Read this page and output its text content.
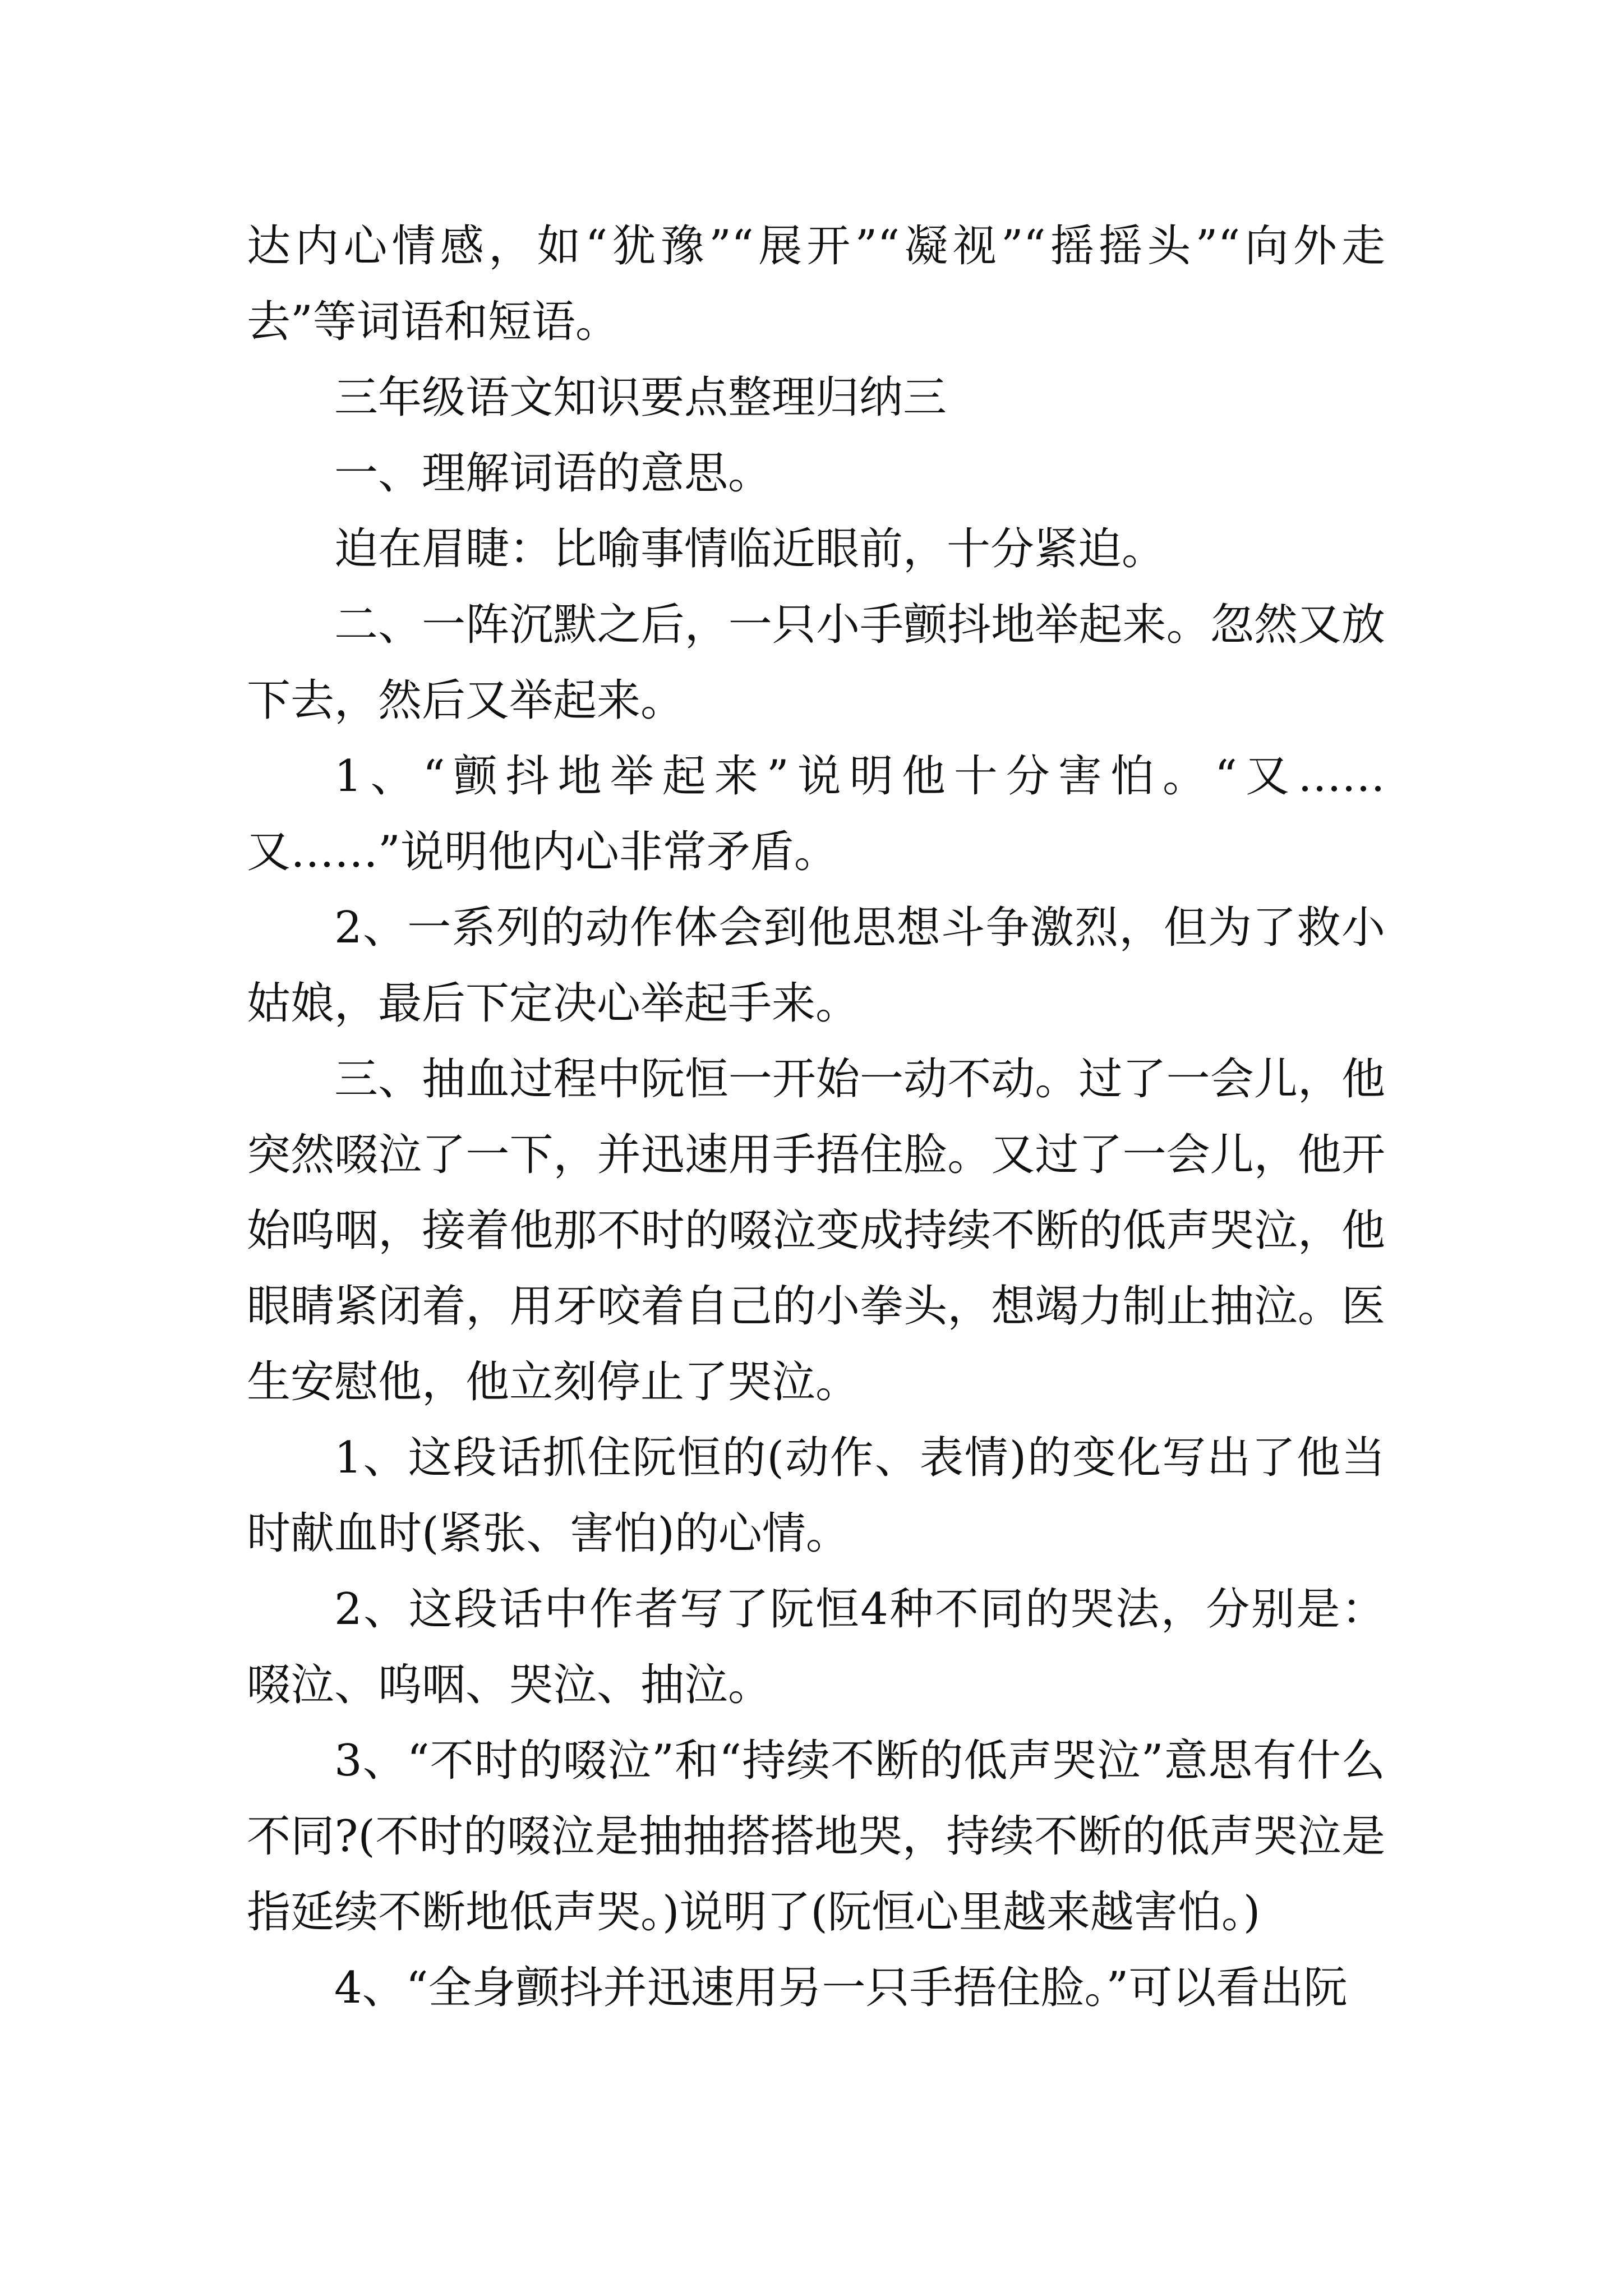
达内心情感，如“犹豫”“展开”“凝视”“摇摇头”“向外走去”等词语和短语。

三年级语文知识要点整理归纳三

一、理解词语的意思。

迫在眉睫：比喻事情临近眼前，十分紧迫。

二、一阵沉默之后，一只小手颤抖地举起来。忽然又放下去，然后又举起来。

1、“颤抖地举起来”说明他十分害怕。“又……又……”说明他内心非常矛盾。

2、一系列的动作体会到他思想斗争激烈，但为了救小姑娘，最后下定决心举起手来。

三、抽血过程中阮恒一开始一动不动。过了一会儿，他突然啜泣了一下，并迅速用手捂住脸。又过了一会儿，他开始呜咽，接着他那不时的啜泣变成持续不断的低声哭泣，他眼睛紧闭着，用牙咬着自己的小拳头，想竭力制止抽泣。医生安慰他，他立刻停止了哭泣。

1、这段话抓住阮恒的(动作、表情)的变化写出了他当时献血时(紧张、害怕)的心情。

2、这段话中作者写了阮恒4种不同的哭法，分别是：啜泣、呜咽、哭泣、抽泣。

3、“不时的啜泣”和“持续不断的低声哭泣”意思有什么不同?(不时的啜泣是抽抽搭搭地哭，持续不断的低声哭泣是指延续不断地低声哭。)说明了(阮恒心里越来越害怕。)

4、“全身颤抖并迅速用另一只手捂住脸。”可以看出阮
